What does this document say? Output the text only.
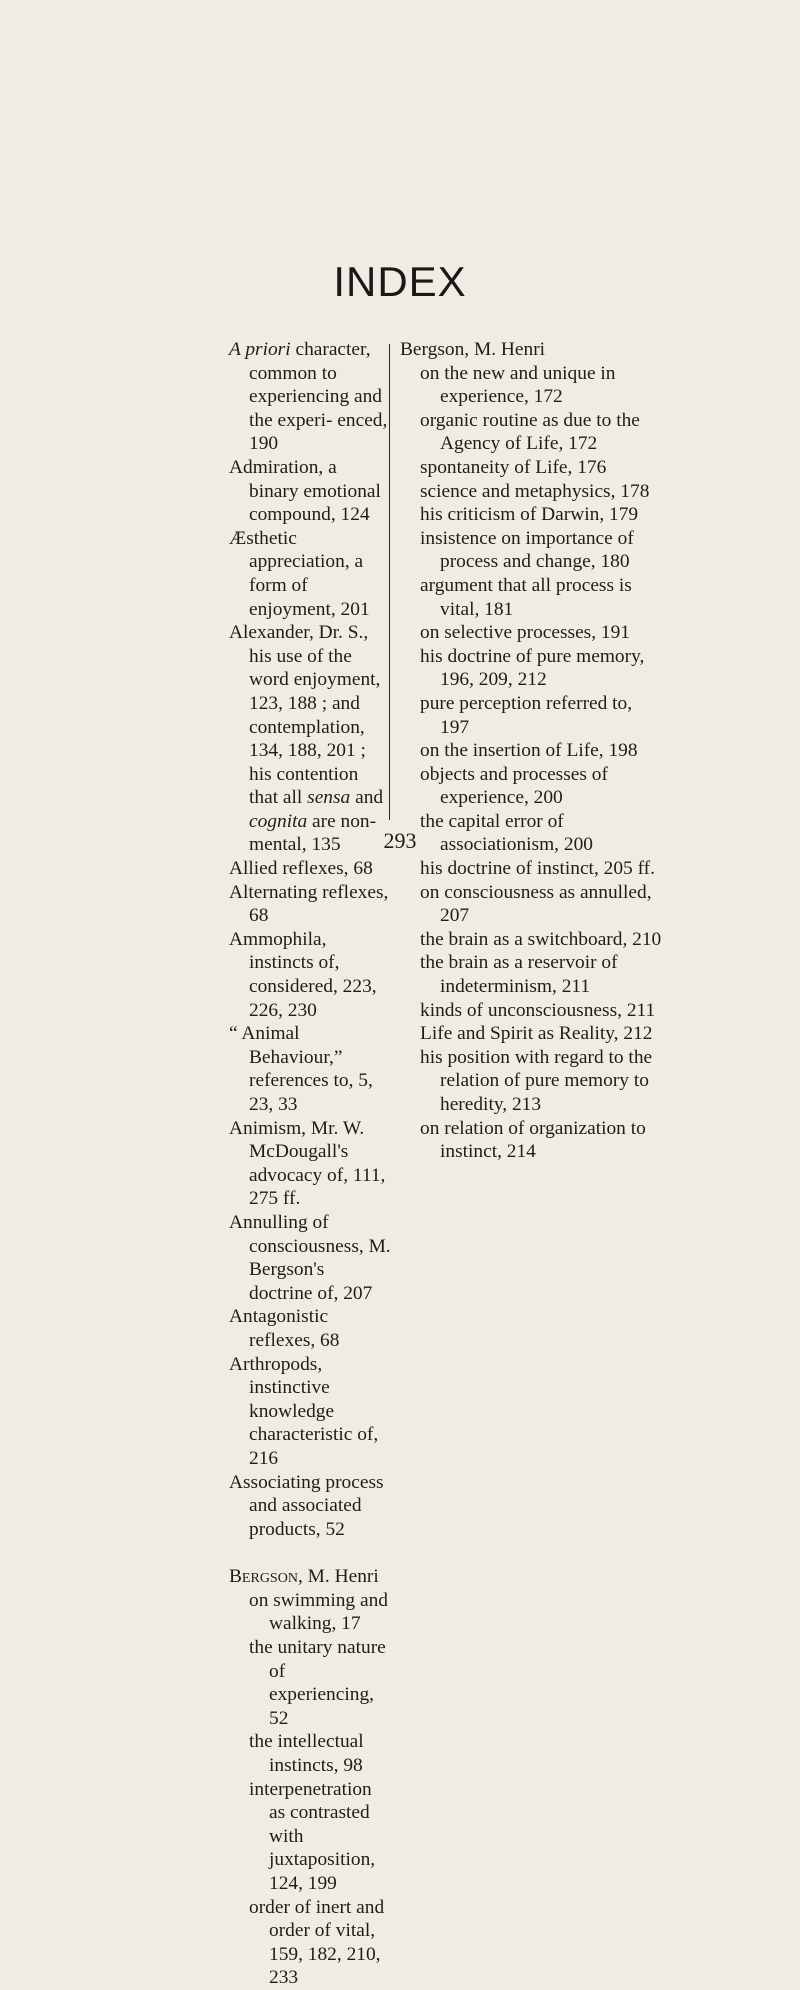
INDEX
293

A priori character, common to experiencing and the experi- enced, 190

Admiration, a binary emotional compound, 124

Æsthetic appreciation, a form of enjoyment, 201

Alexander, Dr. S., his use of the word enjoyment, 123, 188 ; and contemplation, 134, 188, 201 ; his contention that all sensa and cognita are non-mental, 135

Allied reflexes, 68

Alternating reflexes, 68

Ammophila, instincts of, considered, 223, 226, 230

“ Animal Behaviour,” references to, 5, 23, 33

Animism, Mr. W. McDougall's advocacy of, 111, 275 ff.

Annulling of consciousness, M. Bergson's doctrine of, 207

Antagonistic reflexes, 68

Arthropods, instinctive knowledge characteristic of, 216

Associating process and associated products, 52

Bergson, M. Henri

on swimming and walking, 17

the unitary nature of experiencing, 52

the intellectual instincts, 98

interpenetration as contrasted with juxtaposition, 124, 199

order of inert and order of vital, 159, 182, 210, 233

Bergson, M. Henri

on the new and unique in experience, 172

organic routine as due to the Agency of Life, 172

spontaneity of Life, 176

science and metaphysics, 178

his criticism of Darwin, 179

insistence on importance of process and change, 180

argument that all process is vital, 181

on selective processes, 191

his doctrine of pure memory, 196, 209, 212

pure perception referred to, 197

on the insertion of Life, 198

objects and processes of experience, 200

the capital error of associationism, 200

his doctrine of instinct, 205 ff.

on consciousness as annulled, 207

the brain as a switchboard, 210

the brain as a reservoir of indeterminism, 211

kinds of unconsciousness, 211

Life and Spirit as Reality, 212

his position with regard to the relation of pure memory to heredity, 213

on relation of organization to instinct, 214
